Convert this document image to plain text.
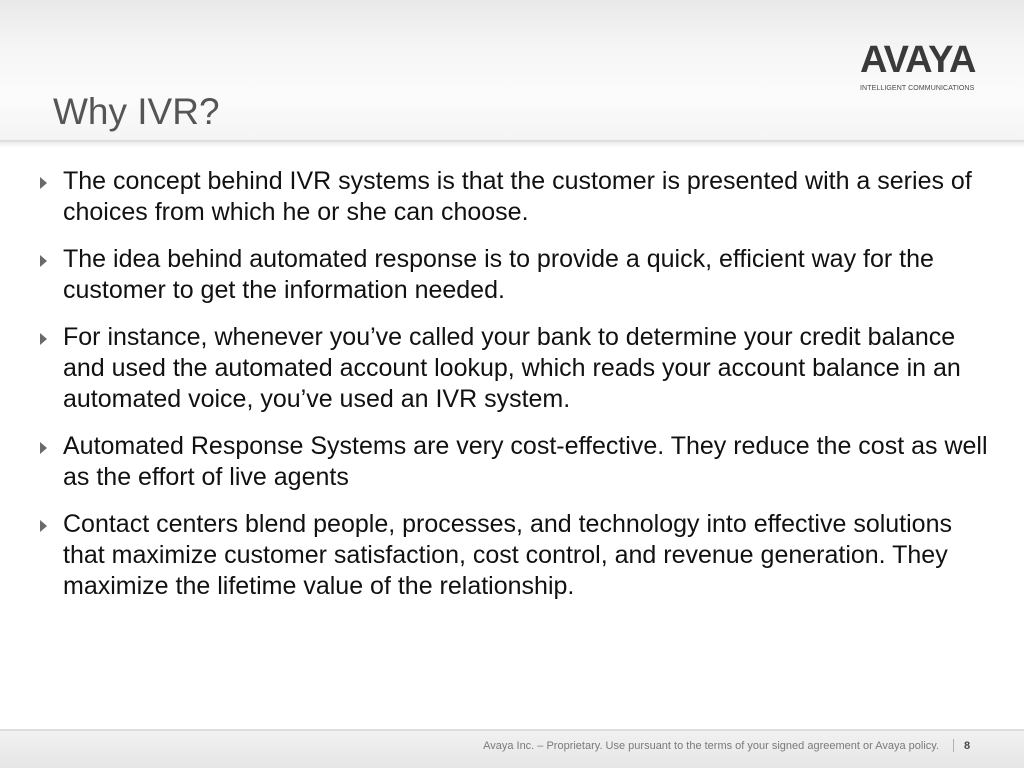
Why IVR?
AVAYA
INTELLIGENT COMMUNICATIONS
The concept behind IVR systems is that the customer is presented with a series of choices from which he or she can choose.
The idea behind automated response is to provide a quick, efficient way for the customer to get the information needed.
For instance, whenever you’ve called your bank to determine your credit balance and used the automated account lookup, which reads your account balance in an automated voice, you’ve used an IVR system.
Automated Response Systems are very cost-effective. They reduce the cost as well as the effort of live agents
Contact centers blend people, processes, and technology into effective solutions that maximize customer satisfaction, cost control, and revenue generation. They maximize the lifetime value of the relationship.
Avaya Inc. – Proprietary. Use pursuant to the terms of your signed agreement or Avaya policy. 8
